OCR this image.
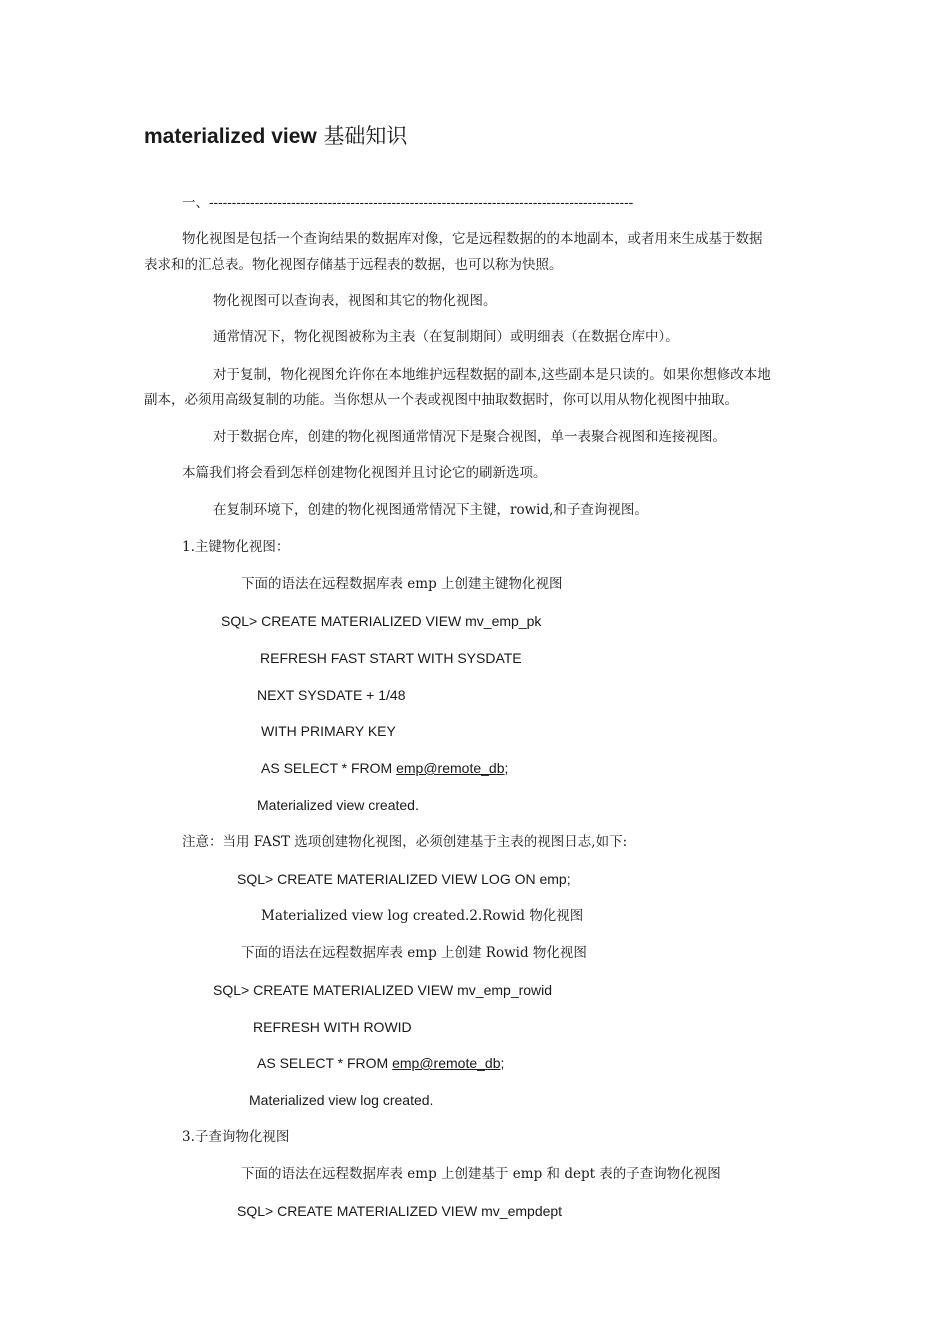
materialized view 基础知识
一、---------------------------------------------------------------------------------------------
物化视图是包括一个查询结果的数据库对像，它是远程数据的的本地副本，或者用来生成基于数据
表求和的汇总表。物化视图存储基于远程表的数据，也可以称为快照。
物化视图可以查询表，视图和其它的物化视图。
通常情况下，物化视图被称为主表（在复制期间）或明细表（在数据仓库中）。
对于复制，物化视图允许你在本地维护远程数据的副本,这些副本是只读的。如果你想修改本地
副本，必须用高级复制的功能。当你想从一个表或视图中抽取数据时，你可以用从物化视图中抽取。
对于数据仓库，创建的物化视图通常情况下是聚合视图，单一表聚合视图和连接视图。
本篇我们将会看到怎样创建物化视图并且讨论它的刷新选项。
在复制环境下，创建的物化视图通常情况下主键，rowid,和子查询视图。
1.主键物化视图：
下面的语法在远程数据库表 emp 上创建主键物化视图
SQL> CREATE MATERIALIZED VIEW mv_emp_pk
REFRESH FAST START WITH SYSDATE
NEXT SYSDATE + 1/48
WITH PRIMARY KEY
AS SELECT * FROM emp@remote_db;
Materialized view created.
注意：当用 FAST 选项创建物化视图，必须创建基于主表的视图日志,如下:
SQL> CREATE MATERIALIZED VIEW LOG ON emp;
Materialized view log created.2.Rowid 物化视图
下面的语法在远程数据库表 emp 上创建 Rowid 物化视图
SQL> CREATE MATERIALIZED VIEW mv_emp_rowid
REFRESH WITH ROWID
AS SELECT * FROM emp@remote_db;
Materialized view log created.
3.子查询物化视图
下面的语法在远程数据库表 emp 上创建基于 emp 和 dept 表的子查询物化视图
SQL> CREATE MATERIALIZED VIEW mv_empdept
